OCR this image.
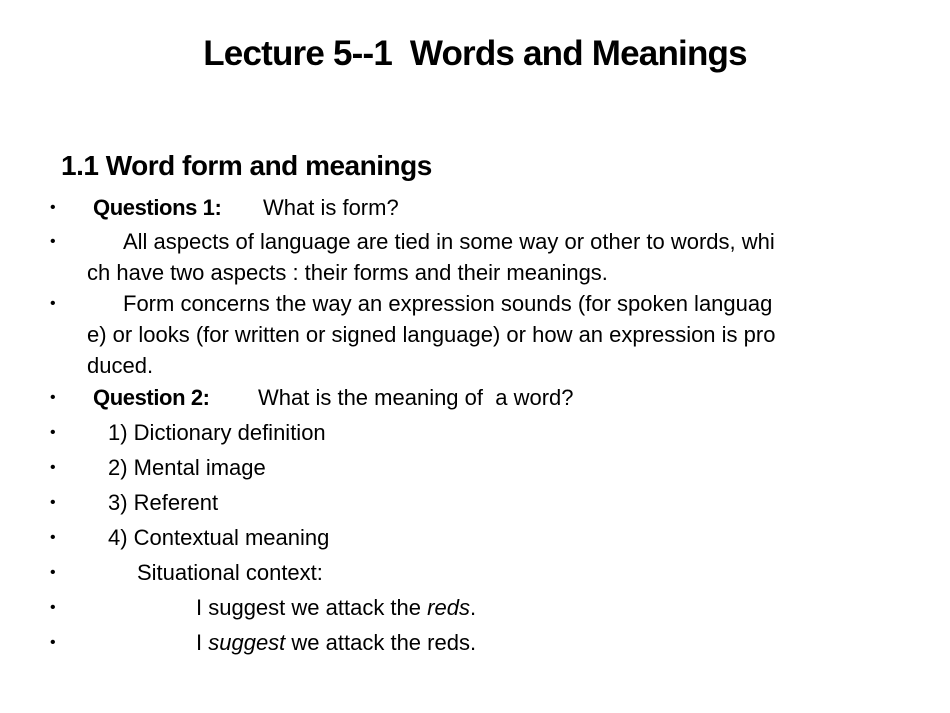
Lecture 5--1  Words and Meanings
1.1 Word form and meanings
• Questions 1: What is form?
•	All aspects of language are tied in some way or other to words, whi
ch have two aspects : their forms and their meanings.
•	Form concerns the way an expression sounds (for spoken languag
e) or looks (for written or signed language) or how an expression is pro
duced.
• Question 2: What is the meaning of  a word?
• 1) Dictionary definition
• 2) Mental image
• 3) Referent
• 4) Contextual meaning
•	Situational context:
•	I suggest we attack the reds.
•	I suggest we attack the reds.
